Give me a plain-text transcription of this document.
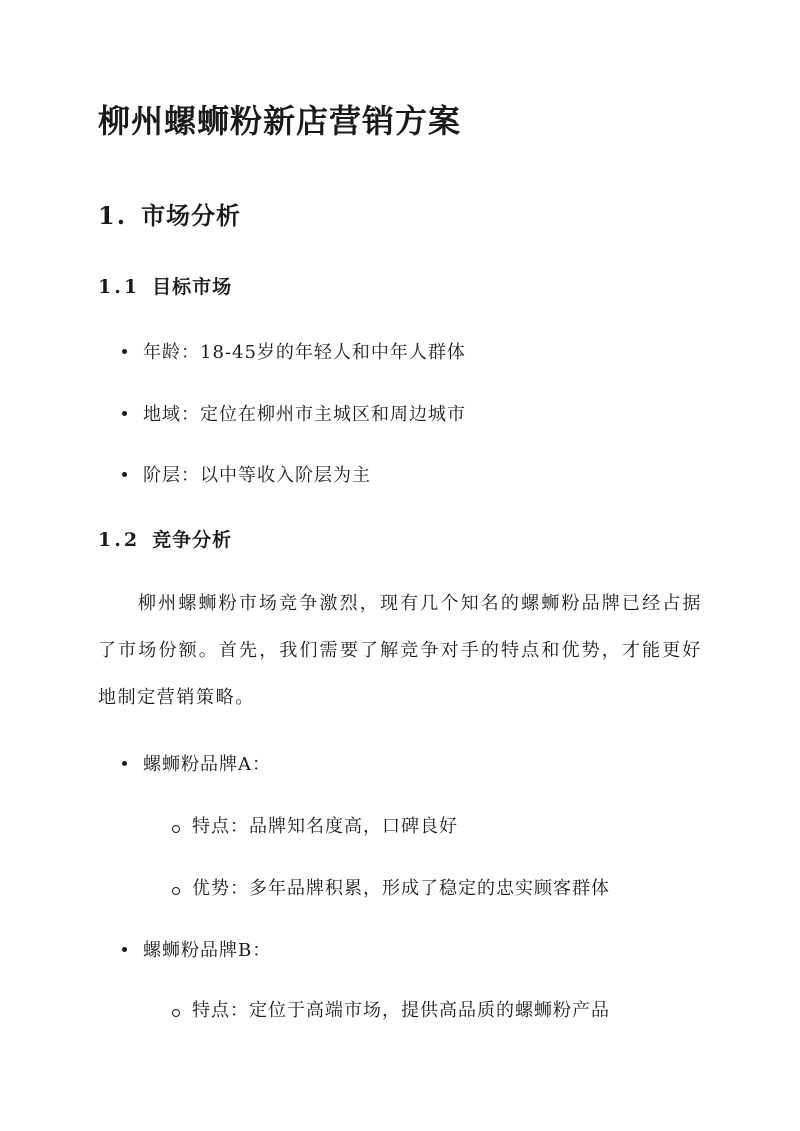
柳州螺蛳粉新店营销方案
1. 市场分析
1.1 目标市场
年龄：18-45岁的年轻人和中年人群体
地域：定位在柳州市主城区和周边城市
阶层：以中等收入阶层为主
1.2 竞争分析

柳州螺蛳粉市场竞争激烈，现有几个知名的螺蛳粉品牌已经占据了市场份额。首先，我们需要了解竞争对手的特点和优势，才能更好地制定营销策略。

螺蛳粉品牌A：
特点：品牌知名度高，口碑良好
优势：多年品牌积累，形成了稳定的忠实顾客群体
螺蛳粉品牌B：
特点：定位于高端市场，提供高品质的螺蛳粉产品
